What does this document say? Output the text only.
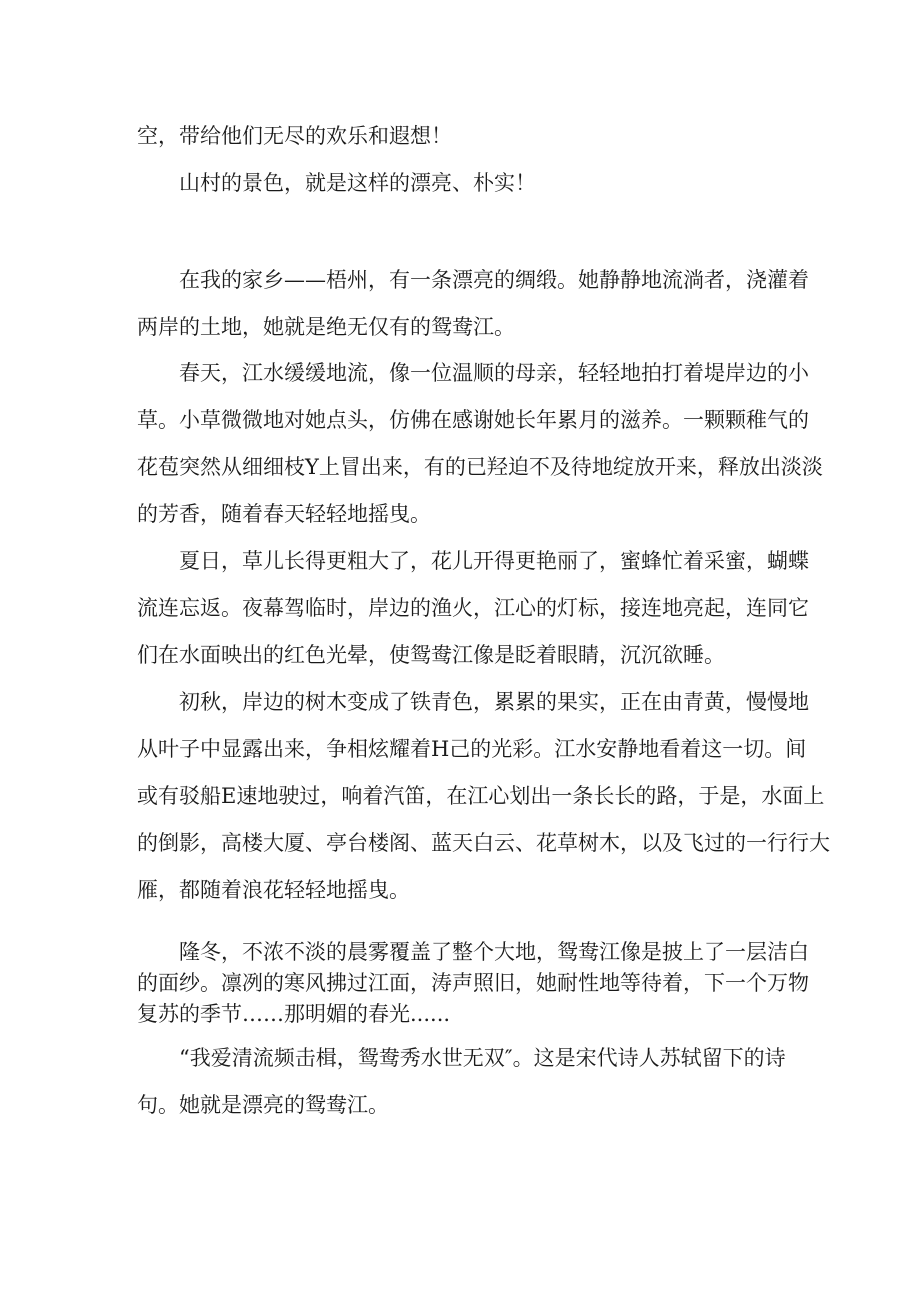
空，带给他们无尽的欢乐和遐想！

山村的景色，就是这样的漂亮、朴实！

在我的家乡——梧州，有一条漂亮的绸缎。她静静地流淌者，浇灌着
两岸的土地，她就是绝无仅有的鸳鸯江。

春天，江水缓缓地流，像一位温顺的母亲，轻轻地拍打着堤岸边的小
草。小草微微地对她点头，仿佛在感谢她长年累月的滋养。一颗颗稚气的
花苞突然从细细枝Y上冒出来，有的已羟迫不及待地绽放开来，释放出淡淡
的芳香，随着春天轻轻地摇曳。

夏日，草儿长得更粗大了，花儿开得更艳丽了，蜜蜂忙着采蜜，蝴蝶
流连忘返。夜幕驾临时，岸边的渔火，江心的灯标，接连地亮起，连同它
们在水面映出的红色光晕，使鸳鸯江像是眨着眼睛，沉沉欲睡。

初秋，岸边的树木变成了铁青色，累累的果实，正在由青黄，慢慢地
从叶子中显露出来，争相炫耀着H己的光彩。江水安静地看着这一切。间
或有驳船E速地驶过，响着汽笛，在江心划出一条长长的路，于是，水面上
的倒影，高楼大厦、亭台楼阁、蓝天白云、花草树木，以及飞过的一行行大
雁，都随着浪花轻轻地摇曳。

隆冬，不浓不淡的晨雾覆盖了整个大地，鸳鸯江像是披上了一层洁白
的面纱。凛冽的寒风拂过江面，涛声照旧，她耐性地等待着，下一个万物
复苏的季节……那明媚的春光......

“我爱清流频击楫，鸳鸯秀水世无双″。这是宋代诗人苏轼留下的诗
句。她就是漂亮的鸳鸯江。
